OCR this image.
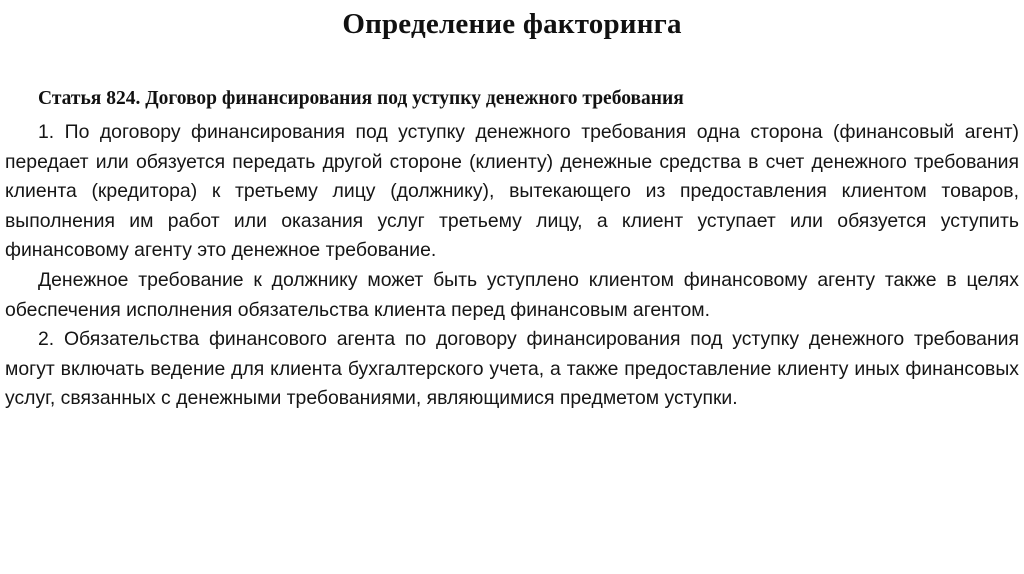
Определение факторинга
Статья 824. Договор финансирования под уступку денежного требования

1. По договору финансирования под уступку денежного требования одна сторона (финансовый агент) передает или обязуется передать другой стороне (клиенту) денежные средства в счет денежного требования клиента (кредитора) к третьему лицу (должнику), вытекающего из предоставления клиентом товаров, выполнения им работ или оказания услуг третьему лицу, а клиент уступает или обязуется уступить финансовому агенту это денежное требование.

Денежное требование к должнику может быть уступлено клиентом финансовому агенту также в целях обеспечения исполнения обязательства клиента перед финансовым агентом.

2. Обязательства финансового агента по договору финансирования под уступку денежного требования могут включать ведение для клиента бухгалтерского учета, а также предоставление клиенту иных финансовых услуг, связанных с денежными требованиями, являющимися предметом уступки.
